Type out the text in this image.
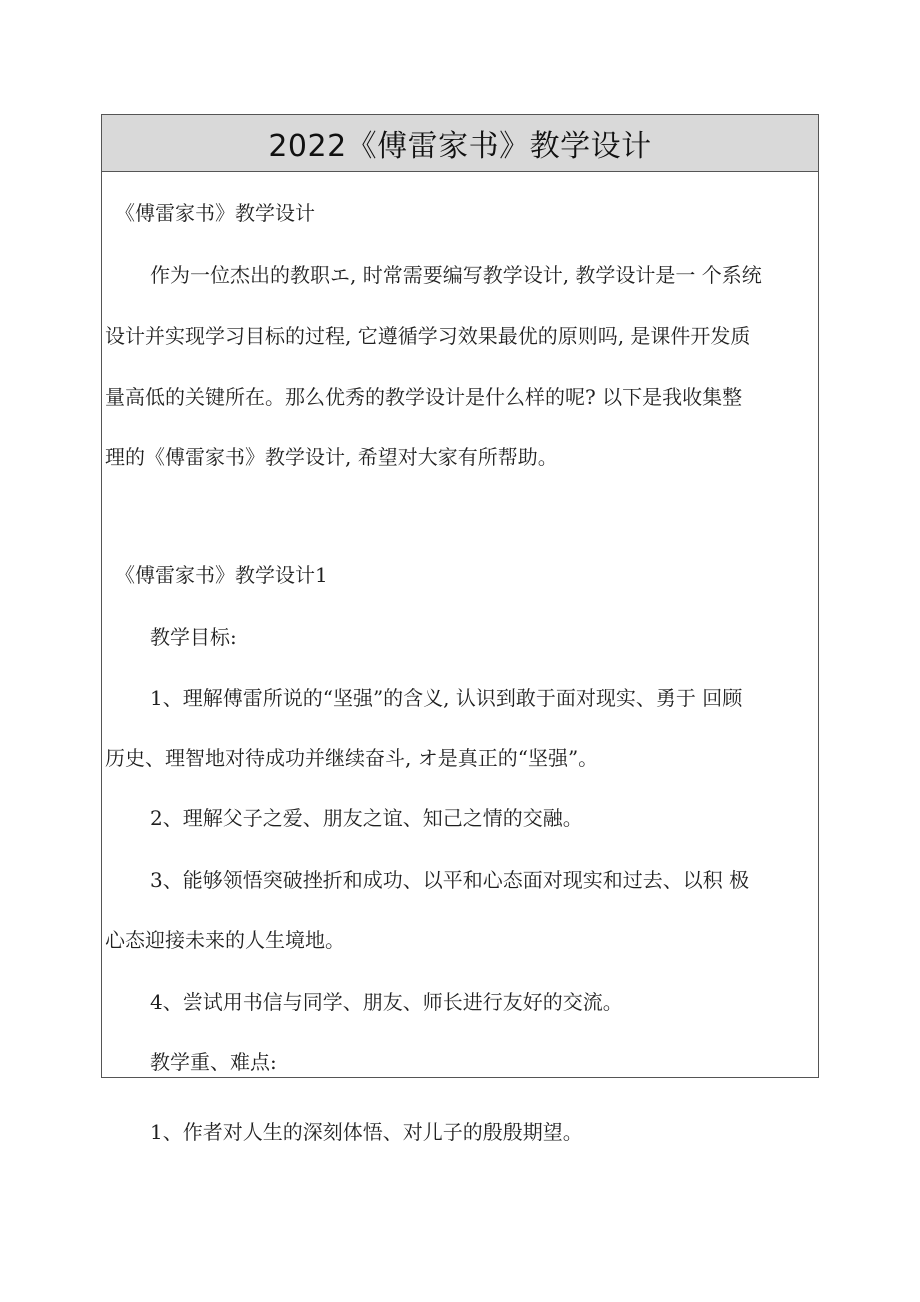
2022《傅雷家书》教学设计
《傅雷家书》教学设计
作为一位杰出的教职エ, 时常需要编写教学设计, 教学设计是一 个系统
设计并实现学习目标的过程, 它遵循学习效果最优的原则吗, 是课件开发质
量高低的关键所在。那么优秀的教学设计是什么样的呢? 以下是我收集整
理的《傅雷家书》教学设计, 希望对大家有所帮助。
《傅雷家书》教学设计1
教学目标:
1、理解傅雷所说的“坚强”的含义, 认识到敢于面对现实、勇于 回顾
历史、理智地对待成功并继续奋斗, オ是真正的“坚强”。
2、理解父子之爱、朋友之谊、知己之情的交融。
3、能够领悟突破挫折和成功、以平和心态面对现实和过去、以积 极
心态迎接未来的人生境地。
4、尝试用书信与同学、朋友、师长进行友好的交流。
教学重、难点:
1、作者对人生的深刻体悟、对儿子的殷殷期望。
